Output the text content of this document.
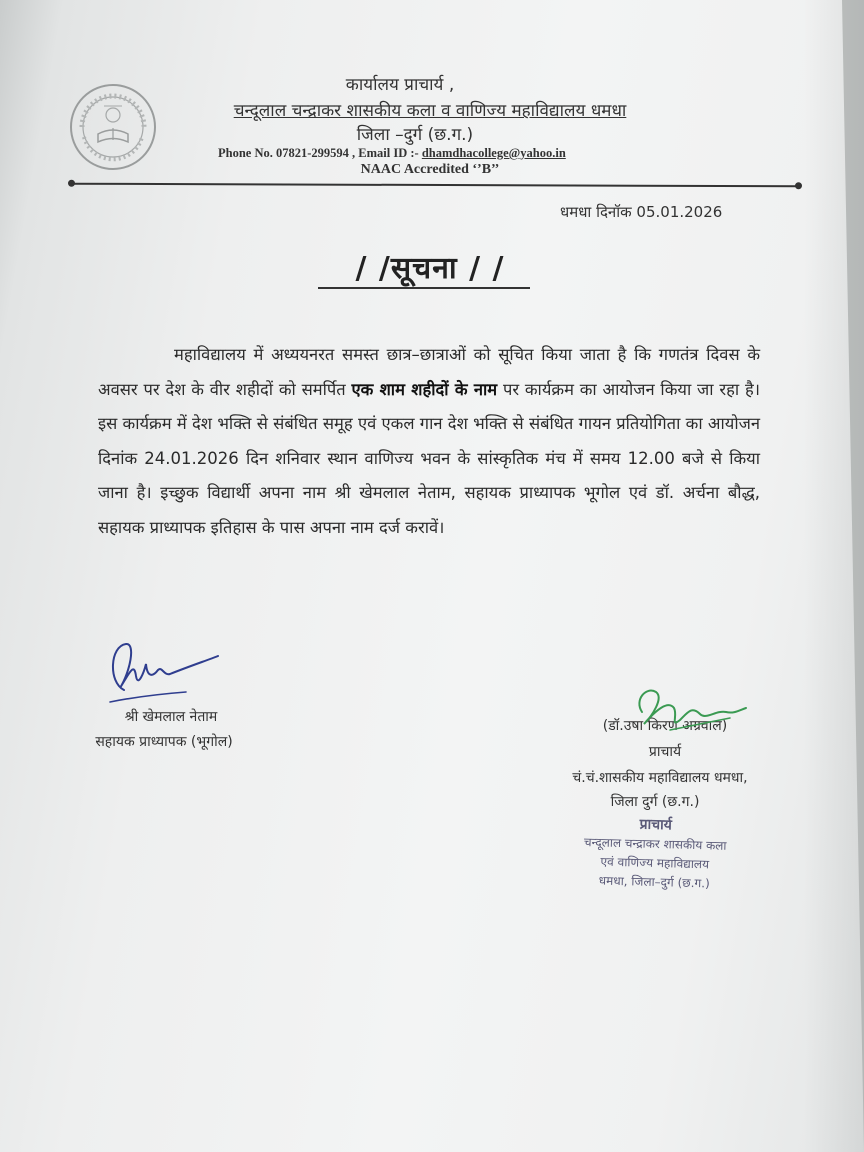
कार्यालय प्राचार्य ,
चन्दूलाल चन्द्राकर शासकीय कला व वाणिज्य महाविद्यालय धमधा
जिला –दुर्ग (छ.ग.)
Phone No. 07821-299594 , Email ID :- dhamdhacollege@yahoo.in
NAAC Accredited ‘’B’’
धमधा दिनॉक 05.01.2026
/ /सूचना / /

महाविद्यालय में अध्ययनरत समस्त छात्र–छात्राओं को सूचित किया जाता है कि गणतंत्र दिवस के अवसर पर देश के वीर शहीदों को समर्पित एक शाम शहीदों के नाम पर कार्यक्रम का आयोजन किया जा रहा है। इस कार्यक्रम में देश भक्ति से संबंधित समूह एवं एकल गान देश भक्ति से संबंधित गायन प्रतियोगिता का आयोजन दिनांक 24.01.2026 दिन शनिवार स्थान वाणिज्य भवन के सांस्कृतिक मंच में समय 12.00 बजे से किया जाना है। इच्छुक विद्यार्थी अपना नाम श्री खेमलाल नेताम, सहायक प्राध्यापक भूगोल एवं डॉ. अर्चना बौद्ध, सहायक प्राध्यापक इतिहास के पास अपना नाम दर्ज करावें।

श्री खेमलाल नेताम
सहायक प्राध्यापक (भूगोल)
(डॉ.उषा किरण अग्रवाल)
प्राचार्य
चं.चं.शासकीय महाविद्यालय धमधा,
जिला दुर्ग (छ.ग.)
प्राचार्य
चन्दूलाल चन्द्राकर शासकीय कला
एवं वाणिज्य महाविद्यालय
धमधा, जिला–दुर्ग (छ.ग.)
